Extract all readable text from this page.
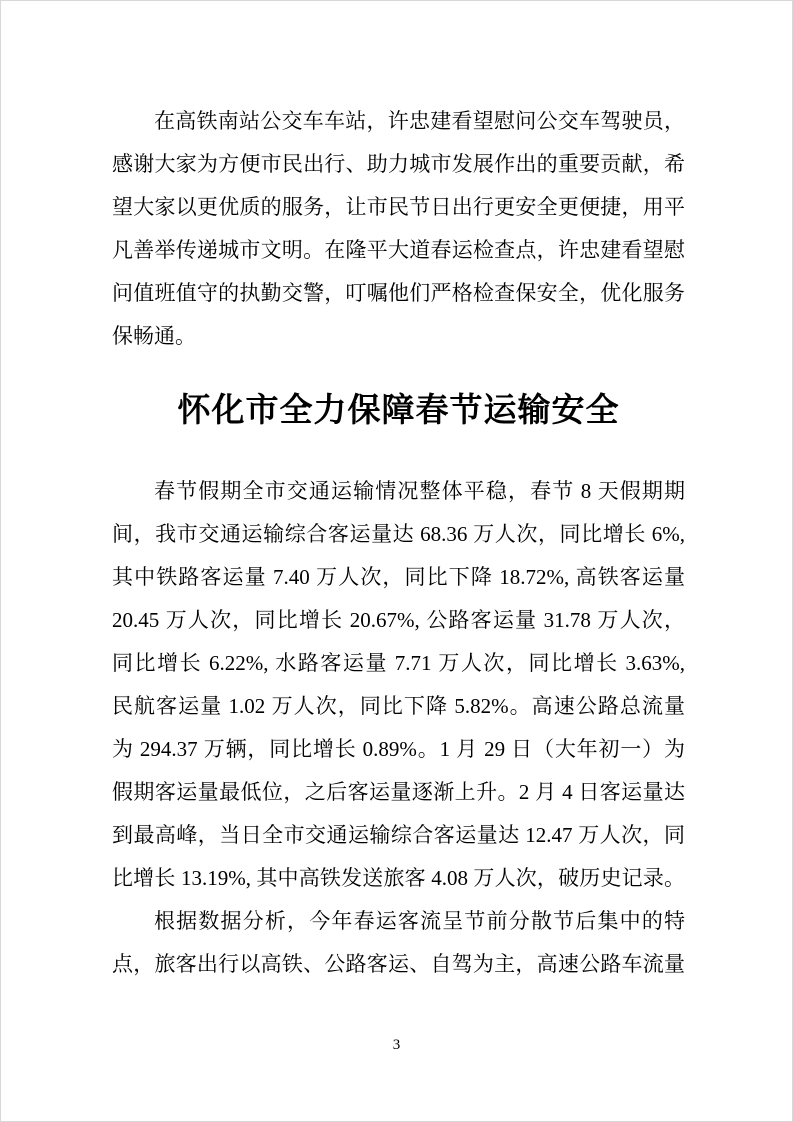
在高铁南站公交车车站，许忠建看望慰问公交车驾驶员，
感谢大家为方便市民出行、助力城市发展作出的重要贡献，希
望大家以更优质的服务，让市民节日出行更安全更便捷，用平
凡善举传递城市文明。在隆平大道春运检查点，许忠建看望慰
问值班值守的执勤交警，叮嘱他们严格检查保安全，优化服务
保畅通。
怀化市全力保障春节运输安全
春节假期全市交通运输情况整体平稳，春节 8 天假期期
间，我市交通运输综合客运量达 68.36 万人次，同比增长 6%,
其中铁路客运量 7.40 万人次，同比下降 18.72%, 高铁客运量
20.45 万人次，同比增长 20.67%, 公路客运量 31.78 万人次，
同比增长 6.22%, 水路客运量 7.71 万人次，同比增长 3.63%,
民航客运量 1.02 万人次，同比下降 5.82%。高速公路总流量
为 294.37 万辆，同比增长 0.89%。1 月 29 日（大年初一）为
假期客运量最低位，之后客运量逐渐上升。2 月 4 日客运量达
到最高峰，当日全市交通运输综合客运量达 12.47 万人次，同
比增长 13.19%, 其中高铁发送旅客 4.08 万人次，破历史记录。
根据数据分析，今年春运客流呈节前分散节后集中的特
点，旅客出行以高铁、公路客运、自驾为主，高速公路车流量
3
